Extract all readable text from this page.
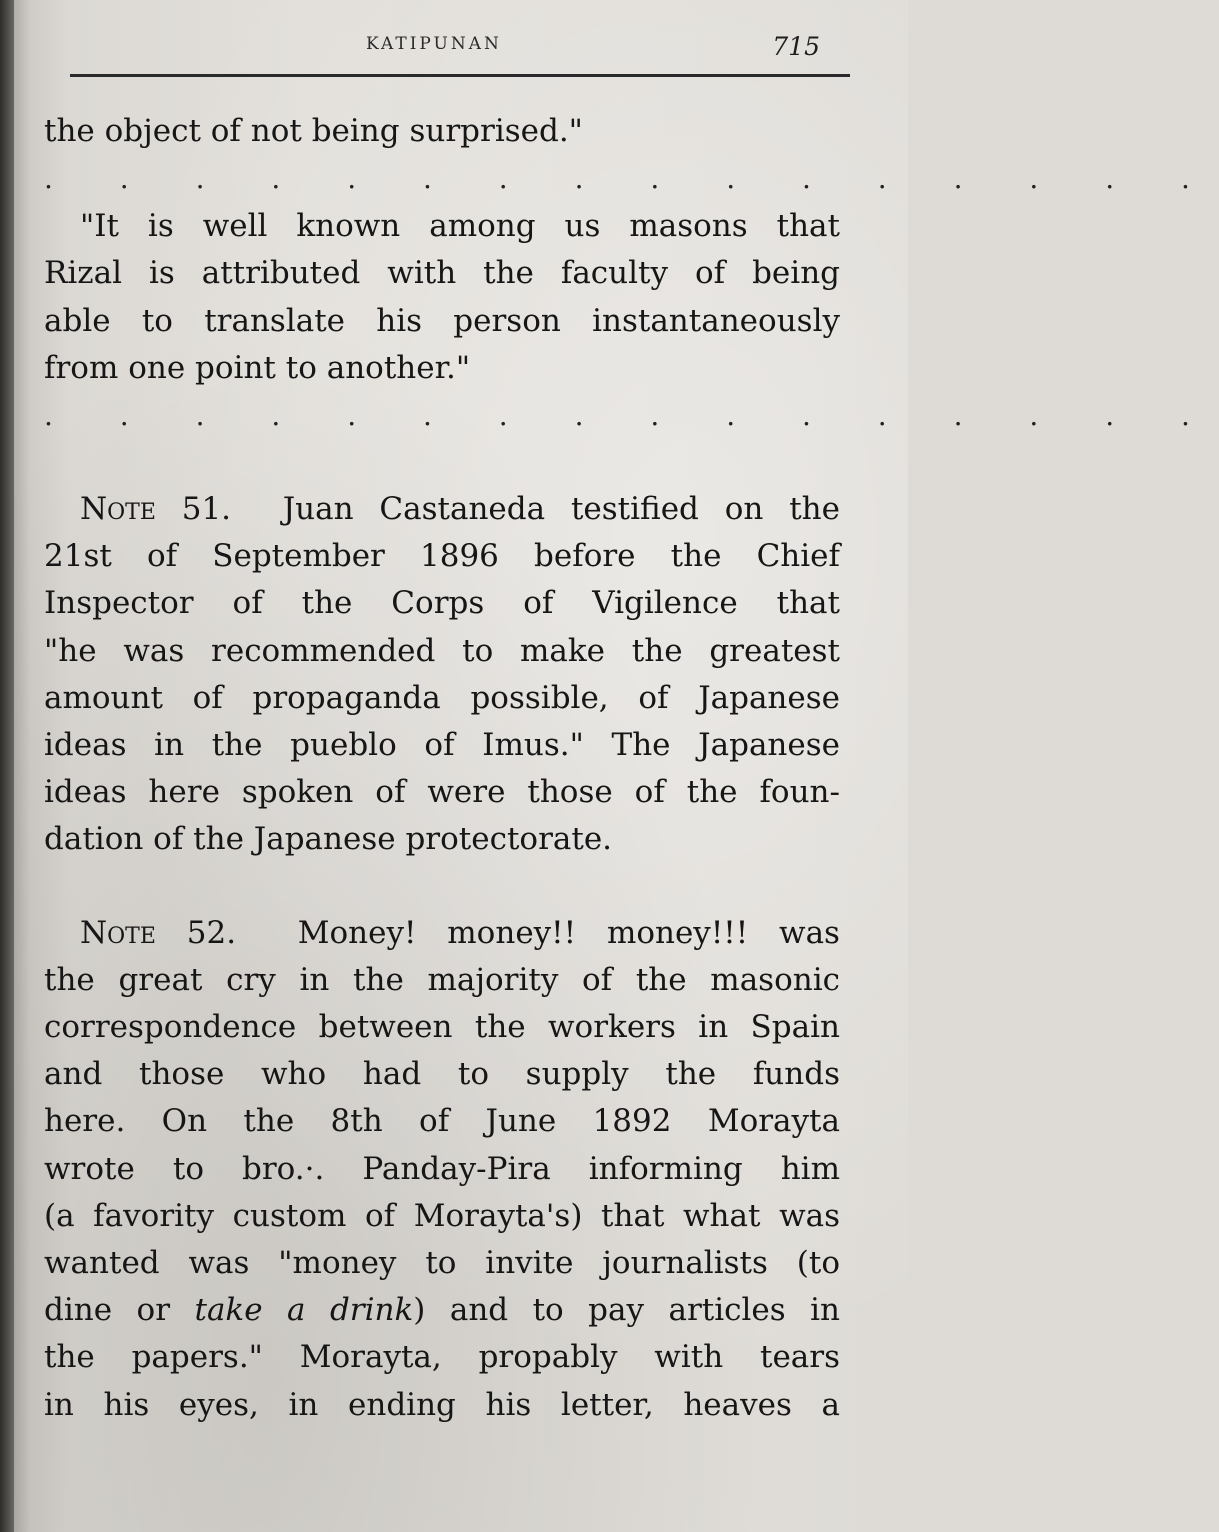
KATIPUNAN	715
the object of not being surprised."
. . . . . . . . . . . . . . . .
"It is well known among us masons that
Rizal is attributed with the faculty of being
able to translate his person instantaneously
from one point to another."
. . . . . . . . . . . . . . . .
Note 51. Juan Castaneda testified on the
21st of September 1896 before the Chief
Inspector of the Corps of Vigilence that
"he was recommended to make the greatest
amount of propaganda possible, of Japanese
ideas in the pueblo of Imus." The Japanese
ideas here spoken of were those of the foun-
dation of the Japanese protectorate.
Note 52. Money! money!! money!!! was
the great cry in the majority of the masonic
correspondence between the workers in Spain
and those who had to supply the funds
here. On the 8th of June 1892 Morayta
wrote to bro.·. Panday-Pira informing him
(a favority custom of Morayta's) that what was
wanted was "money to invite journalists (to
dine or take a drink) and to pay articles in
the papers." Morayta, propably with tears
in his eyes, in ending his letter, heaves a
